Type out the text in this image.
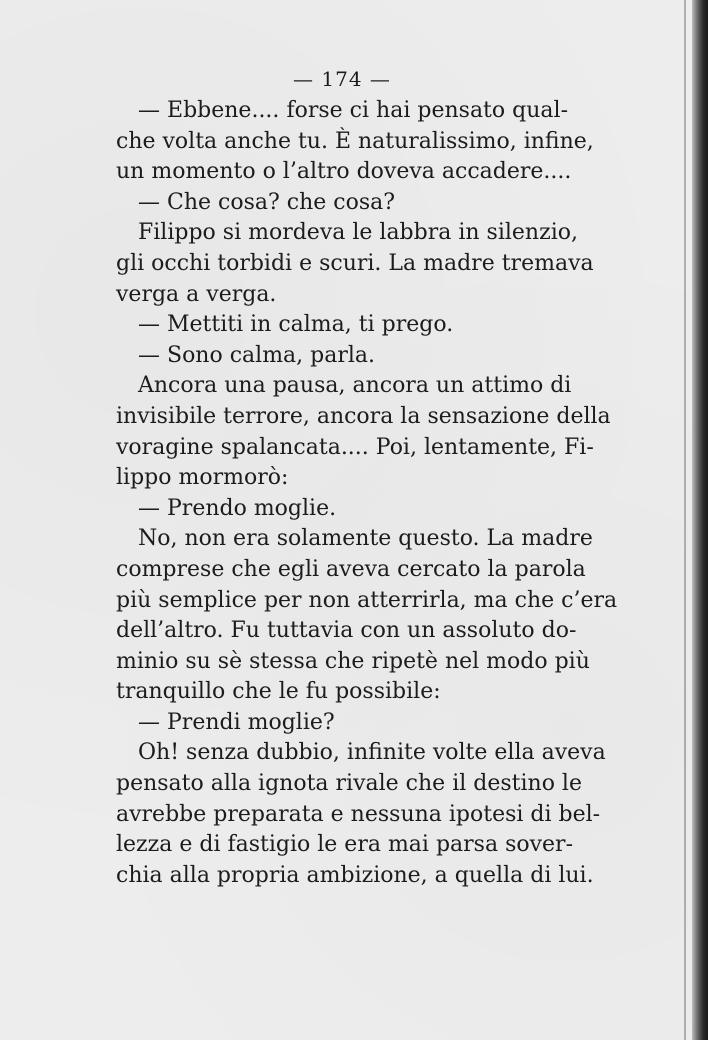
— 174 —
— Ebbene.... forse ci hai pensato qual-
che volta anche tu. È naturalissimo, infine,
un momento o l’altro doveva accadere....
— Che cosa? che cosa?
Filippo si mordeva le labbra in silenzio,
gli occhi torbidi e scuri. La madre tremava
verga a verga.
— Mettiti in calma, ti prego.
— Sono calma, parla.
Ancora una pausa, ancora un attimo di
invisibile terrore, ancora la sensazione della
voragine spalancata.... Poi, lentamente, Fi-
lippo mormorò:
— Prendo moglie.
No, non era solamente questo. La madre
comprese che egli aveva cercato la parola
più semplice per non atterrirla, ma che c’era
dell’altro. Fu tuttavia con un assoluto do-
minio su sè stessa che ripetè nel modo più
tranquillo che le fu possibile:
— Prendi moglie?
Oh! senza dubbio, infinite volte ella aveva
pensato alla ignota rivale che il destino le
avrebbe preparata e nessuna ipotesi di bel-
lezza e di fastigio le era mai parsa sover-
chia alla propria ambizione, a quella di lui.
